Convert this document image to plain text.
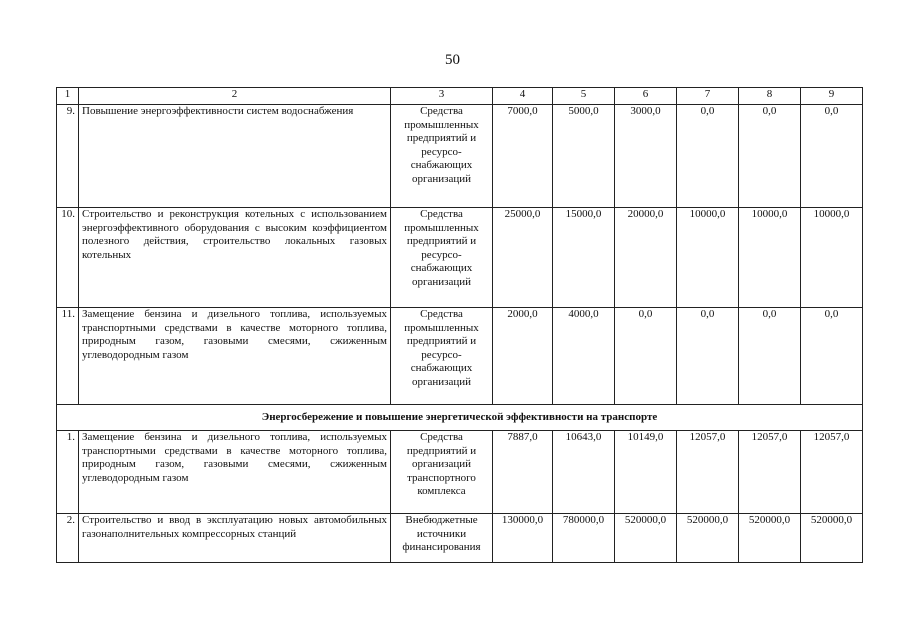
50
1	2	3	4	5	6	7	8	9
9.	Повышение энергоэффективности систем водоснабжения	Средства промышленных предприятий и ресурсо-снабжающих организаций	7000,0	5000,0	3000,0	0,0	0,0	0,0
10.	Строительство и реконструкция котельных с использованием энергоэффективного оборудования с высоким коэффициентом полезного действия, строительство локальных газовых котельных	Средства промышленных предприятий и ресурсо-снабжающих организаций	25000,0	15000,0	20000,0	10000,0	10000,0	10000,0
11.	Замещение бензина и дизельного топлива, используемых транспортными средствами в качестве моторного топлива, природным газом, газовыми смесями, сжиженным углеводородным газом	Средства промышленных предприятий и ресурсо-снабжающих организаций	2000,0	4000,0	0,0	0,0	0,0	0,0
Энергосбережение и повышение энергетической эффективности на транспорте								
1.	Замещение бензина и дизельного топлива, используемых транспортными средствами в качестве моторного топлива, природным газом, газовыми смесями, сжиженным углеводородным газом	Средства предприятий и организаций транспортного комплекса	7887,0	10643,0	10149,0	12057,0	12057,0	12057,0
2.	Строительство и ввод в эксплуатацию новых автомобильных газонаполнительных компрессорных станций	Внебюджетные источники финансирования	130000,0	780000,0	520000,0	520000,0	520000,0	520000,0
